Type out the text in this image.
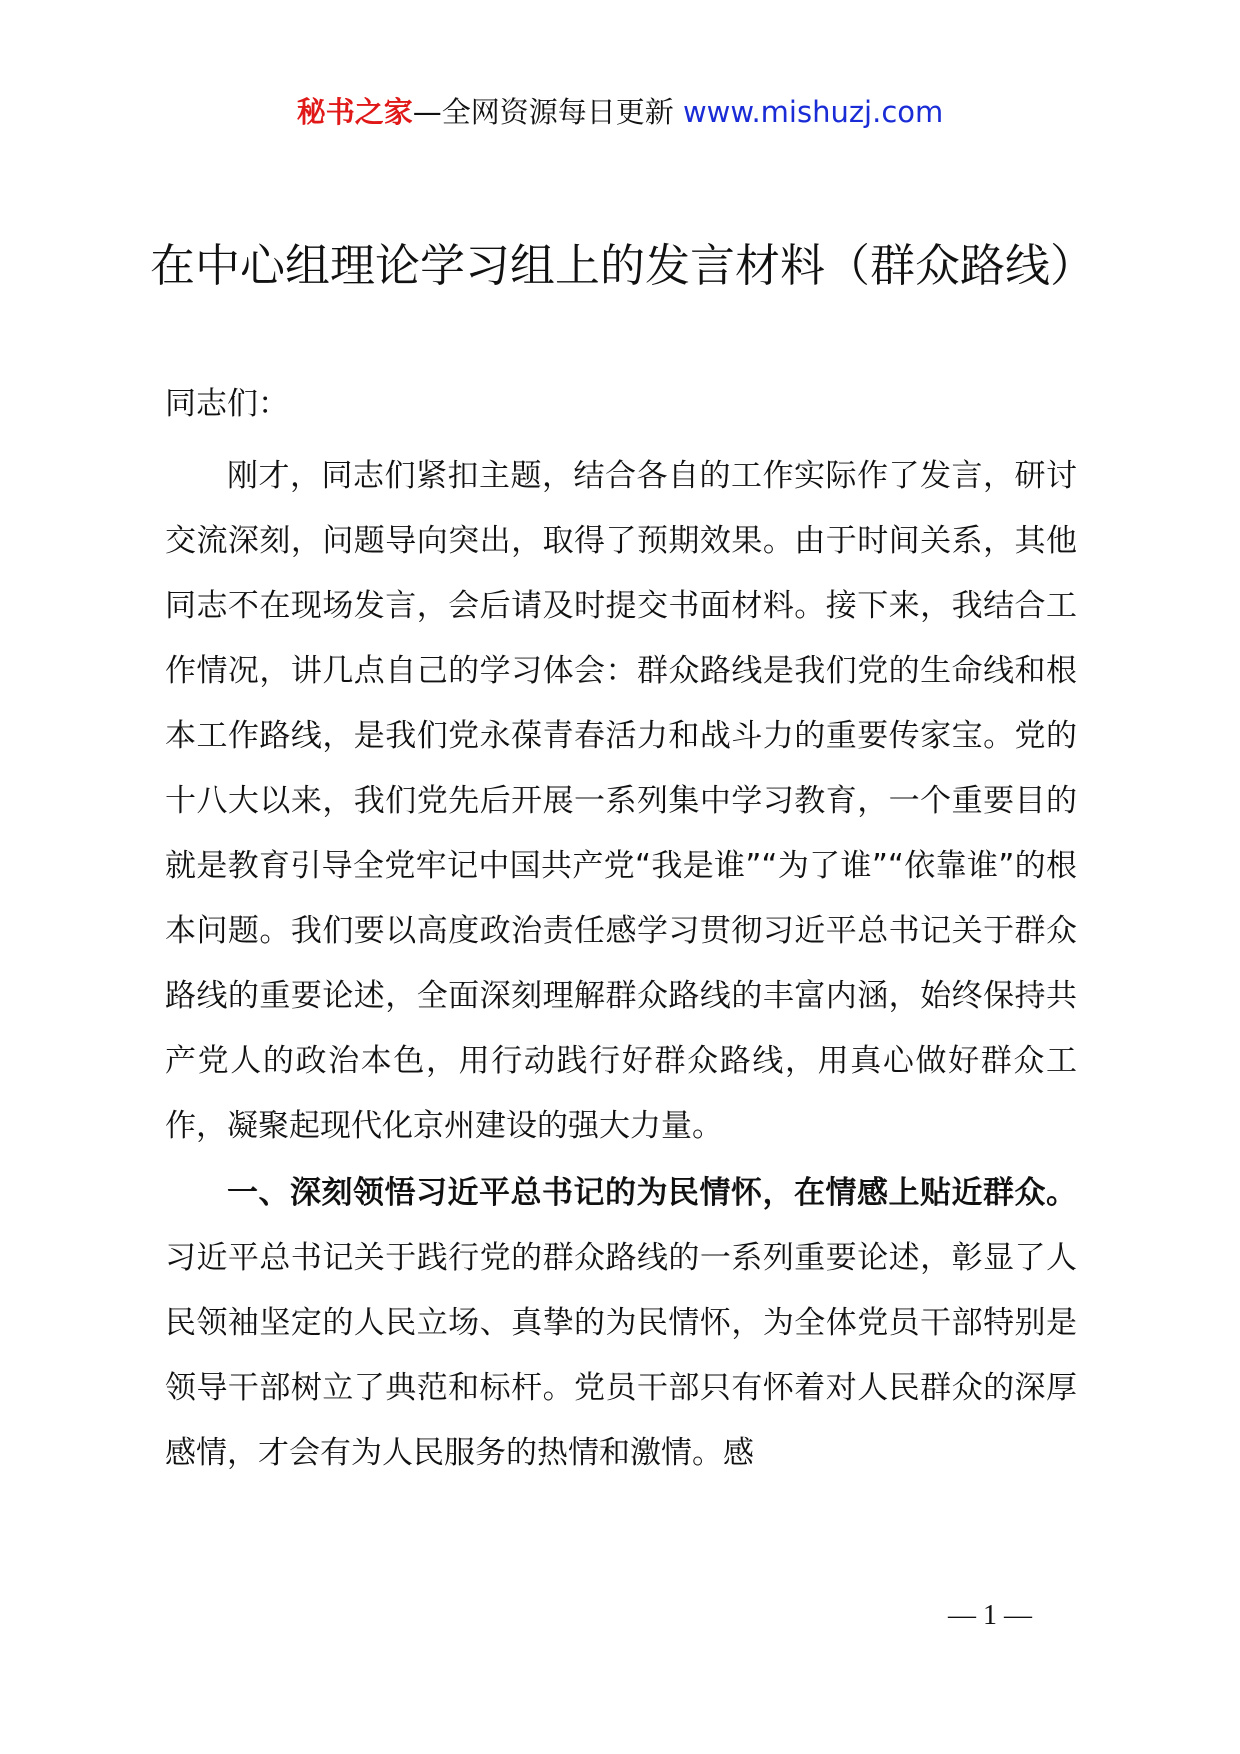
秘书之家—全网资源每日更新 www.mishuzj.com
在中心组理论学习组上的发言材料（群众路线）

同志们：

刚才，同志们紧扣主题，结合各自的工作实际作了发言，研讨交流深刻，问题导向突出，取得了预期效果。由于时间关系，其他同志不在现场发言，会后请及时提交书面材料。接下来，我结合工作情况，讲几点自己的学习体会：群众路线是我们党的生命线和根本工作路线，是我们党永葆青春活力和战斗力的重要传家宝。党的十八大以来，我们党先后开展一系列集中学习教育，一个重要目的就是教育引导全党牢记中国共产党“我是谁”“为了谁”“依靠谁”的根本问题。我们要以高度政治责任感学习贯彻习近平总书记关于群众路线的重要论述，全面深刻理解群众路线的丰富内涵，始终保持共产党人的政治本色，用行动践行好群众路线，用真心做好群众工作，凝聚起现代化京州建设的强大力量。

一、深刻领悟习近平总书记的为民情怀，在情感上贴近群众。习近平总书记关于践行党的群众路线的一系列重要论述，彰显了人民领袖坚定的人民立场、真挚的为民情怀，为全体党员干部特别是领导干部树立了典范和标杆。党员干部只有怀着对人民群众的深厚感情，才会有为人民服务的热情和激情。感

— 1 —
